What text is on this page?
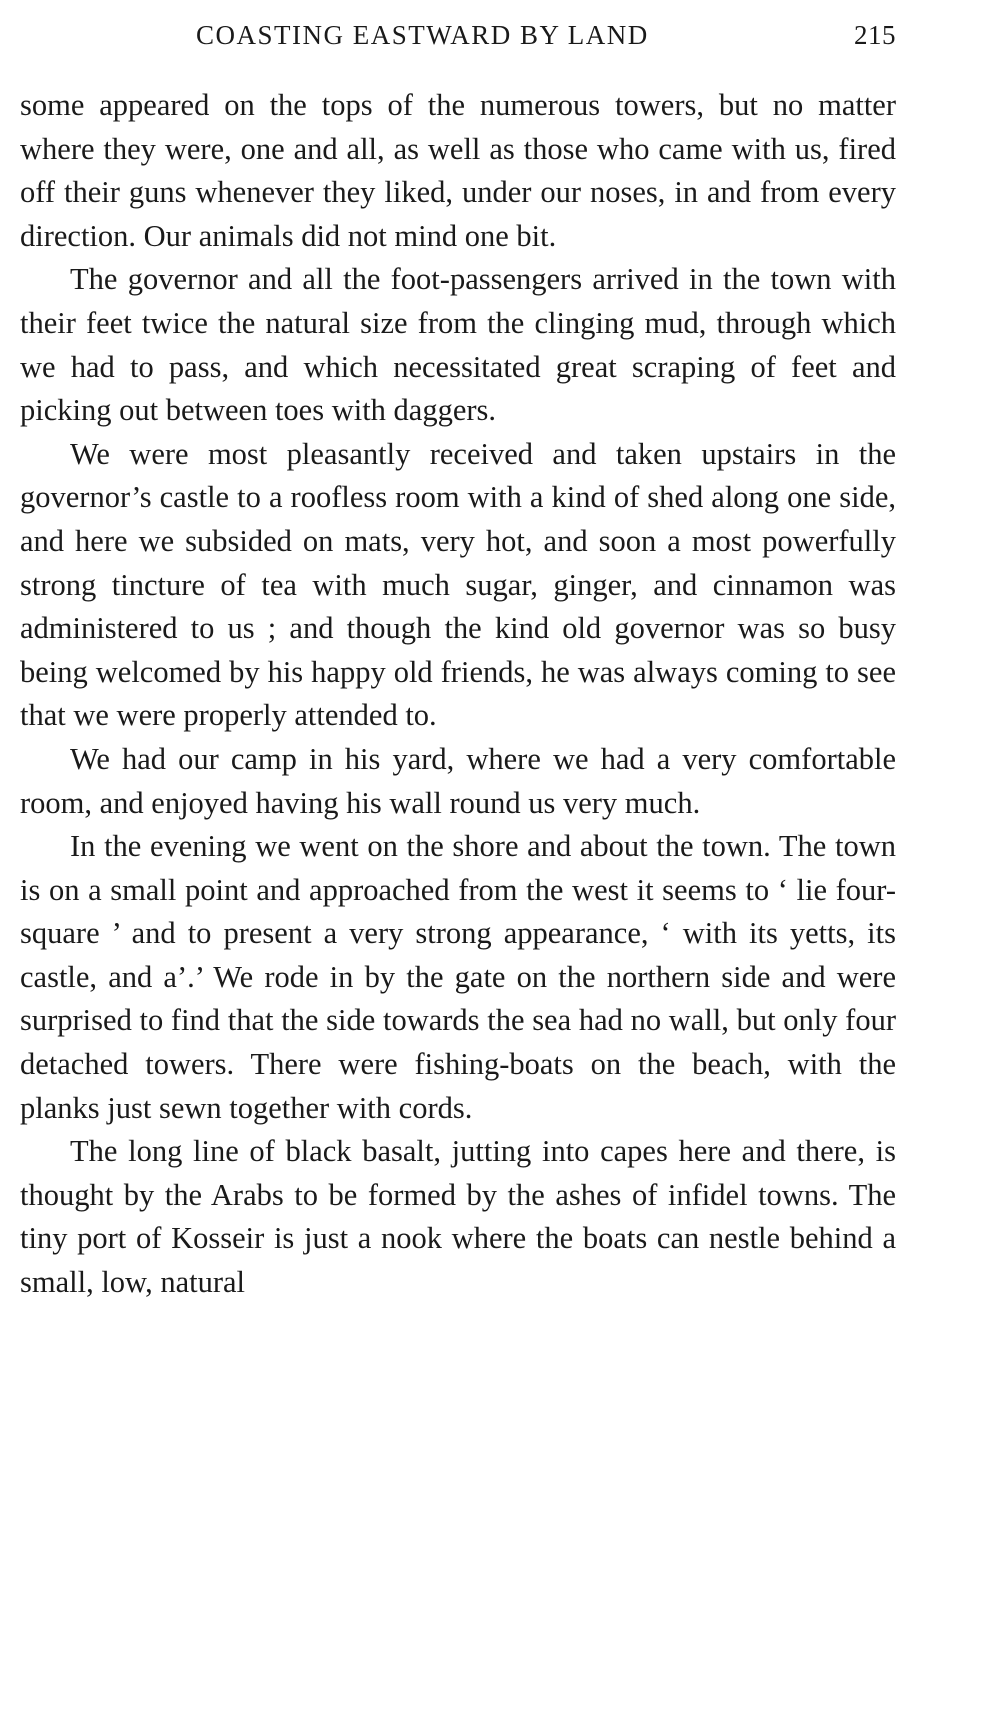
COASTING EASTWARD BY LAND	215

some appeared on the tops of the numerous towers, but no matter where they were, one and all, as well as those who came with us, fired off their guns whenever they liked, under our noses, in and from every direction. Our animals did not mind one bit.

The governor and all the foot-passengers arrived in the town with their feet twice the natural size from the clinging mud, through which we had to pass, and which necessitated great scraping of feet and picking out between toes with daggers.

We were most pleasantly received and taken upstairs in the governor’s castle to a roofless room with a kind of shed along one side, and here we subsided on mats, very hot, and soon a most powerfully strong tincture of tea with much sugar, ginger, and cinnamon was administered to us ; and though the kind old governor was so busy being welcomed by his happy old friends, he was always coming to see that we were properly attended to.

We had our camp in his yard, where we had a very comfortable room, and enjoyed having his wall round us very much.

In the evening we went on the shore and about the town. The town is on a small point and approached from the west it seems to ‘ lie four-square ’ and to present a very strong appearance, ‘ with its yetts, its castle, and a’.’ We rode in by the gate on the northern side and were surprised to find that the side towards the sea had no wall, but only four detached towers. There were fishing-boats on the beach, with the planks just sewn together with cords.

The long line of black basalt, jutting into capes here and there, is thought by the Arabs to be formed by the ashes of infidel towns. The tiny port of Kosseir is just a nook where the boats can nestle behind a small, low, natural
